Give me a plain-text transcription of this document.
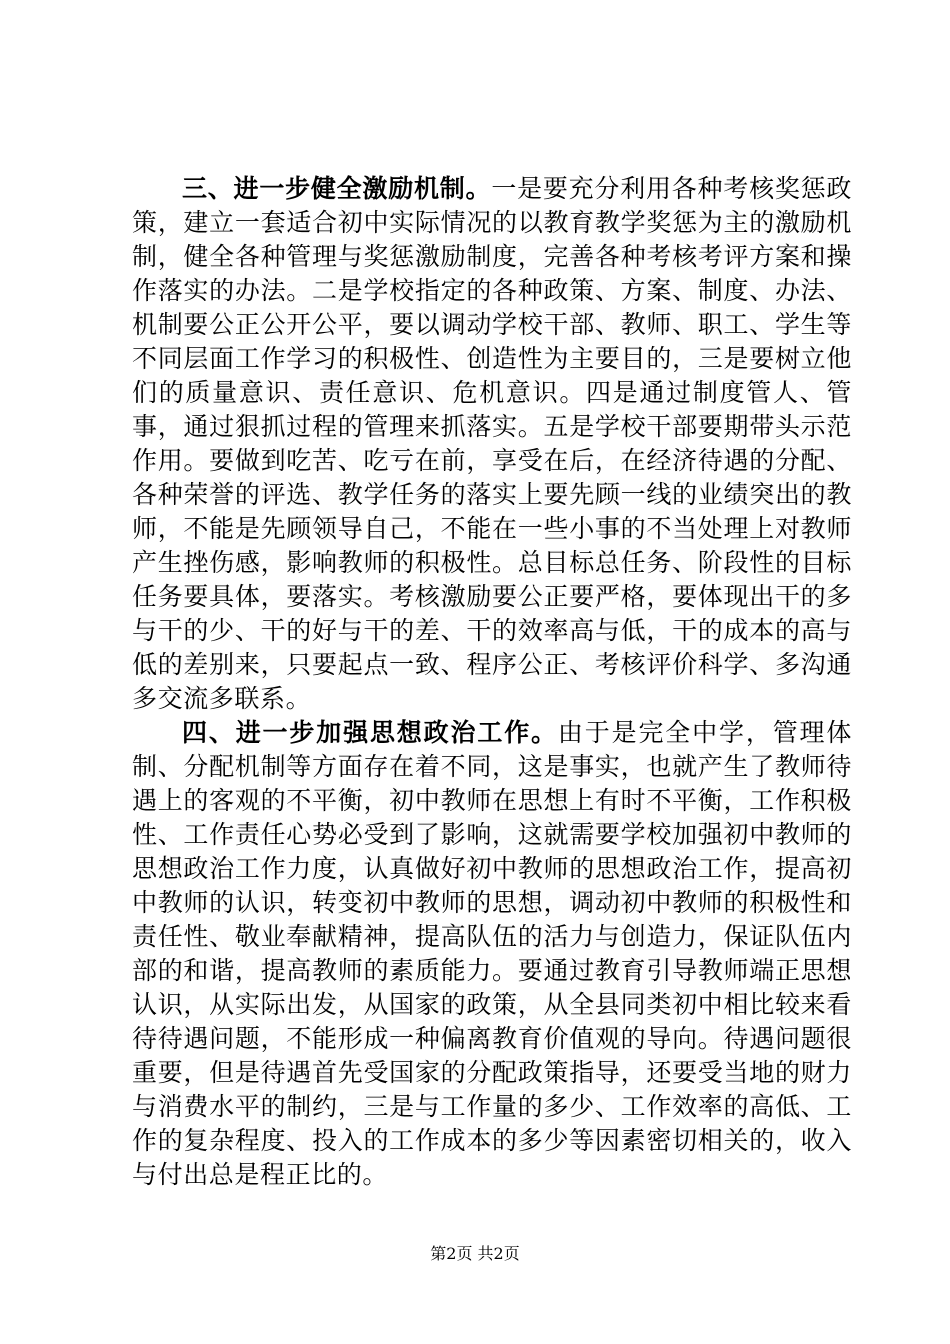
三、进一步健全激励机制。一是要充分利用各种考核奖惩政策，建立一套适合初中实际情况的以教育教学奖惩为主的激励机制，健全各种管理与奖惩激励制度，完善各种考核考评方案和操作落实的办法。二是学校指定的各种政策、方案、制度、办法、机制要公正公开公平，要以调动学校干部、教师、职工、学生等不同层面工作学习的积极性、创造性为主要目的，三是要树立他们的质量意识、责任意识、危机意识。四是通过制度管人、管事，通过狠抓过程的管理来抓落实。五是学校干部要期带头示范作用。要做到吃苦、吃亏在前，享受在后，在经济待遇的分配、各种荣誉的评选、教学任务的落实上要先顾一线的业绩突出的教师，不能是先顾领导自己，不能在一些小事的不当处理上对教师产生挫伤感，影响教师的积极性。总目标总任务、阶段性的目标任务要具体，要落实。考核激励要公正要严格，要体现出干的多与干的少、干的好与干的差、干的效率高与低，干的成本的高与低的差别来，只要起点一致、程序公正、考核评价科学、多沟通多交流多联系。

四、进一步加强思想政治工作。由于是完全中学，管理体制、分配机制等方面存在着不同，这是事实，也就产生了教师待遇上的客观的不平衡，初中教师在思想上有时不平衡，工作积极性、工作责任心势必受到了影响，这就需要学校加强初中教师的思想政治工作力度，认真做好初中教师的思想政治工作，提高初中教师的认识，转变初中教师的思想，调动初中教师的积极性和责任性、敬业奉献精神，提高队伍的活力与创造力，保证队伍内部的和谐，提高教师的素质能力。要通过教育引导教师端正思想认识，从实际出发，从国家的政策，从全县同类初中相比较来看待待遇问题，不能形成一种偏离教育价值观的导向。待遇问题很重要，但是待遇首先受国家的分配政策指导，还要受当地的财力与消费水平的制约，三是与工作量的多少、工作效率的高低、工作的复杂程度、投入的工作成本的多少等因素密切相关的，收入与付出总是程正比的。

第2页 共2页
